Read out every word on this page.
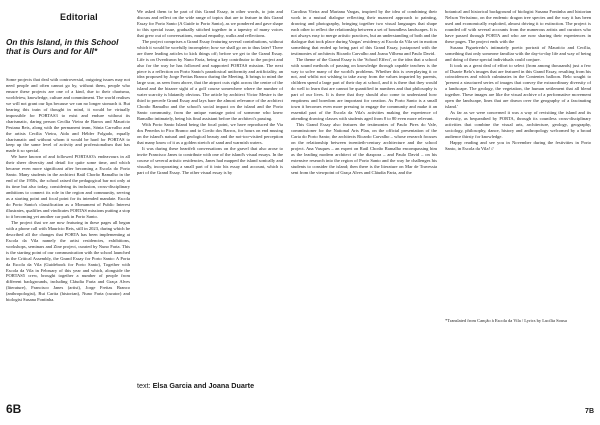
Editorial
On this Island, in this School that is Ours and for All*

Some projects that deal with controversial, outgoing issues may not need people and often cannot go by, without them, people who ensure these projects are one of a kind, due to their charisma, worldview, knowledge, culture and commitment. The world realises we will not grant our lips because we can no longer stomach it. But bearing this train of thought in mind, it would be virtually impossible for PORTAS3 to exist and endure without its charismatic, daring person Cecília Vieira de Barros and Maurício Pestana Reis, along with the permanent team, Sónia Carvalho and the artists Cecília Vieira, Aida and Hélder Folgado, equally charismatic and without whom it would be hard for PORTAS to keep up the same level of activity and professionalism that has made it so special.

We have known of and followed PORTAS3's endeavours in all their sheer diversity and detail for quite some time, and which became even more significant after becoming a Escola do Porto Santo. Many students in the architect Raúl Chorão Ramalho in the end of the 1950s, the school raised the pedagogical bar not only at its time but also today, considering its inclusion, cross-disciplinary ambitions to connect its role in the region and community, serving as a starting point and focal point for its intended mandate. Escola do Porto Santo's classification as a Monument of Public Interest illustrates, qualifies and vindicates PORTAS missions putting a stop to it becoming yet another car park in Porto Santo.

The project that we are now featuring in these pages all began with a phone call with Maurício Reis, still in 2023, during which he described all the changes that PORTA has been implementing at Escola da Vila namely the artist residencies, exhibitions, workshops, seminars and Zine project, curated by Nuno Faria. This is the starting point of our communication with the school launched in the Critical Assembly, the Grand Essay for Porto Santo: A Porta da Escola da Vila (Guidebook for Porto Santo), Together with Escola da Vila in February of this year and which, alongside the PORTAS5 crew, brought together a number of people from different backgrounds, including Cláudia Faria and Graça Alves (literature), Francisco Janes (artist), Jorge Freitas Branco (anthropologist), Rui Carita (historian), Nuno Faria (curator) and biologist Susana Fontinha.

We asked them to be part of this Grand Essay, in other words, to join and discuss and reflect on the wide range of topics that are to feature in this Grand Essay for Porto Santo (A Guide to Porto Santo), as we pondered and gave shape to this special issue, gradually stitched together in a tapestry of many voices that grew out of conversations, mutual empathy, walks and reflections.

The project comprises a Grand Essay featuring several contributions, without which it would be woefully incomplete; how we shall go on to thus later? There are three leading articles to kick things off; before we get to the Grand Essay. Life is on Overdrawn by Nuno Faria, being a key contributor to the project and also for the way he has followed and supported PORTAS mission. The next piece is a reflection on Porto Santo's paradoxical uniformity and artificiality, an idea proposed by Jorge Freitas Branco during the Meeting. It brings to mind the large scar, as seen from above, that the airport cuts right across the centre of the island and the bizarre sight of a golf course somewhere where the number of water scarcity is blatantly obvious. The article by architect Victor Mestre is the third to precede Grand Essay and lays bare the almost relevance of the architect Chorão Ramalho and the school's social impact on the island and the Porto Santo community, from the unique vantage point of someone who knew Ramalho intimately, being his final assistant before the architect's passing.

With Porto Santo Island being the focal point, we have reproduced the Via dos Penedos to Pico Branco and to Covão dos Barros, for hours on end musing on the island's natural and geological beauty and the not-too-visited perception that many know of it as a golden stretch of sand and warmish waters.

It was during these heartfelt conversations on the gravel that also arose to invite Francisco Janes to contribute with one of the island's visual essays. In the course of several artistic residencies, Janes had mapped the island sonically and visually, incorporating a small part of it into his essay and account, which is part of the Grand Essay. The other visual essay is by

Carolina Vieira and Mariana Vargas, inspired by the idea of combining their work in a mutual dialogue reflecting their nuanced approach to painting, drawing and photography, bringing together two visual languages that shape each other to reflect the relationship between a set of boundless landscapes. It is not always easy to merge artistic practices, but an understanding of both and the dialogue that took place during Vargas' residency at Escola da Vila set in motion something that ended up being part of this Grand Essay, juxtaposed with the testimonies of architects Ricardo Carvalho and Joana Vilhena and Paulo David.

The theme of the Grand Essay is the 'School Effect', or the idea that a school with sound methods of passing on knowledge through capable teachers is the way to solve many of the world's problems. Whether this is overplaying it or not, and whilst not wishing to take away from the values imparted by parents, children spend a large part of their day at school, and it is there that they would do well to learn that are cannot be quantified in numbers and that philosophy is part of our lives. It is there that they should also come to understand how emptiness and boredom are important for creation. As Porto Santo is a small town it becomes even more pressing to engage the community and make it an essential part of the Escola da Vila's activities making the experience of attending drawing classes with students aged from 8 to 80 even more relevant.

This Grand Essay also features the testimonies of Paulo Pires do Vale, commissioner for the National Arts Plan, on the official presentation of the Carta do Porto Santo; the architects Ricardo Carvalho – whose research focuses on the relationship between twentieth-century architecture and the school project. Ana Vasques – an expert on Raúl Chorão Ramalho encompassing him as the leading modern architect of the diaspora – and Paulo David – on his extensive research into the region of Porto Santo and the way he challenges his students to consider the island; then there is the literature on Mar de Travessia sent from the viewpoint of Graça Alves and Cláudia Faria, and the

botanical and historical background of biologist Susana Fontinha and historian Nelson Veríssimo, on the endemic dragon tree species and the way it has been used and economically exploited, almost driving it to extinction. The project is rounded off with several accounts from the numerous artists and curators who have passed through PORTA and who are now sharing their experiences in these pages. The project ends with the

Susana Figueiredo's intimately poetic portrait of Maurício and Cecília, something that only someone familiar with the day-to-day life and way of being and doing of these special individuals could conjure.

It took us a great deal of effort to select (from among thousands) just a few of Duarte Belo's images that are featured in this Grand Essay, resulting from his coincidences and which culminates in the Contentes balloon. Belo sought to 'present a structured series of images that convey the extraordinary diversity of a landscape. The geology, the vegetation, the human settlement that all blend together. These images are like the visual archive of a performative movement open the landscape, lines that are drawn over the geography of a fascinating island.'

As far as we were concerned it was a way of revisiting the island and its diversity, as bequeathed by PORTA, through its countless cross-disciplinary activities that combine the visual arts, architecture, geology, geography, sociology, philosophy, dance, history and anthropology welcomed by a broad audience thirsty for knowledge.

Happy reading and see you in November during the festivities in Porto Santo, in Escola da Vila! //

*Translated from Canção à Escola da Vila / Lyrics by Lucília Sousa
text: Elsa Garcia and Joana Duarte
6B	7B
